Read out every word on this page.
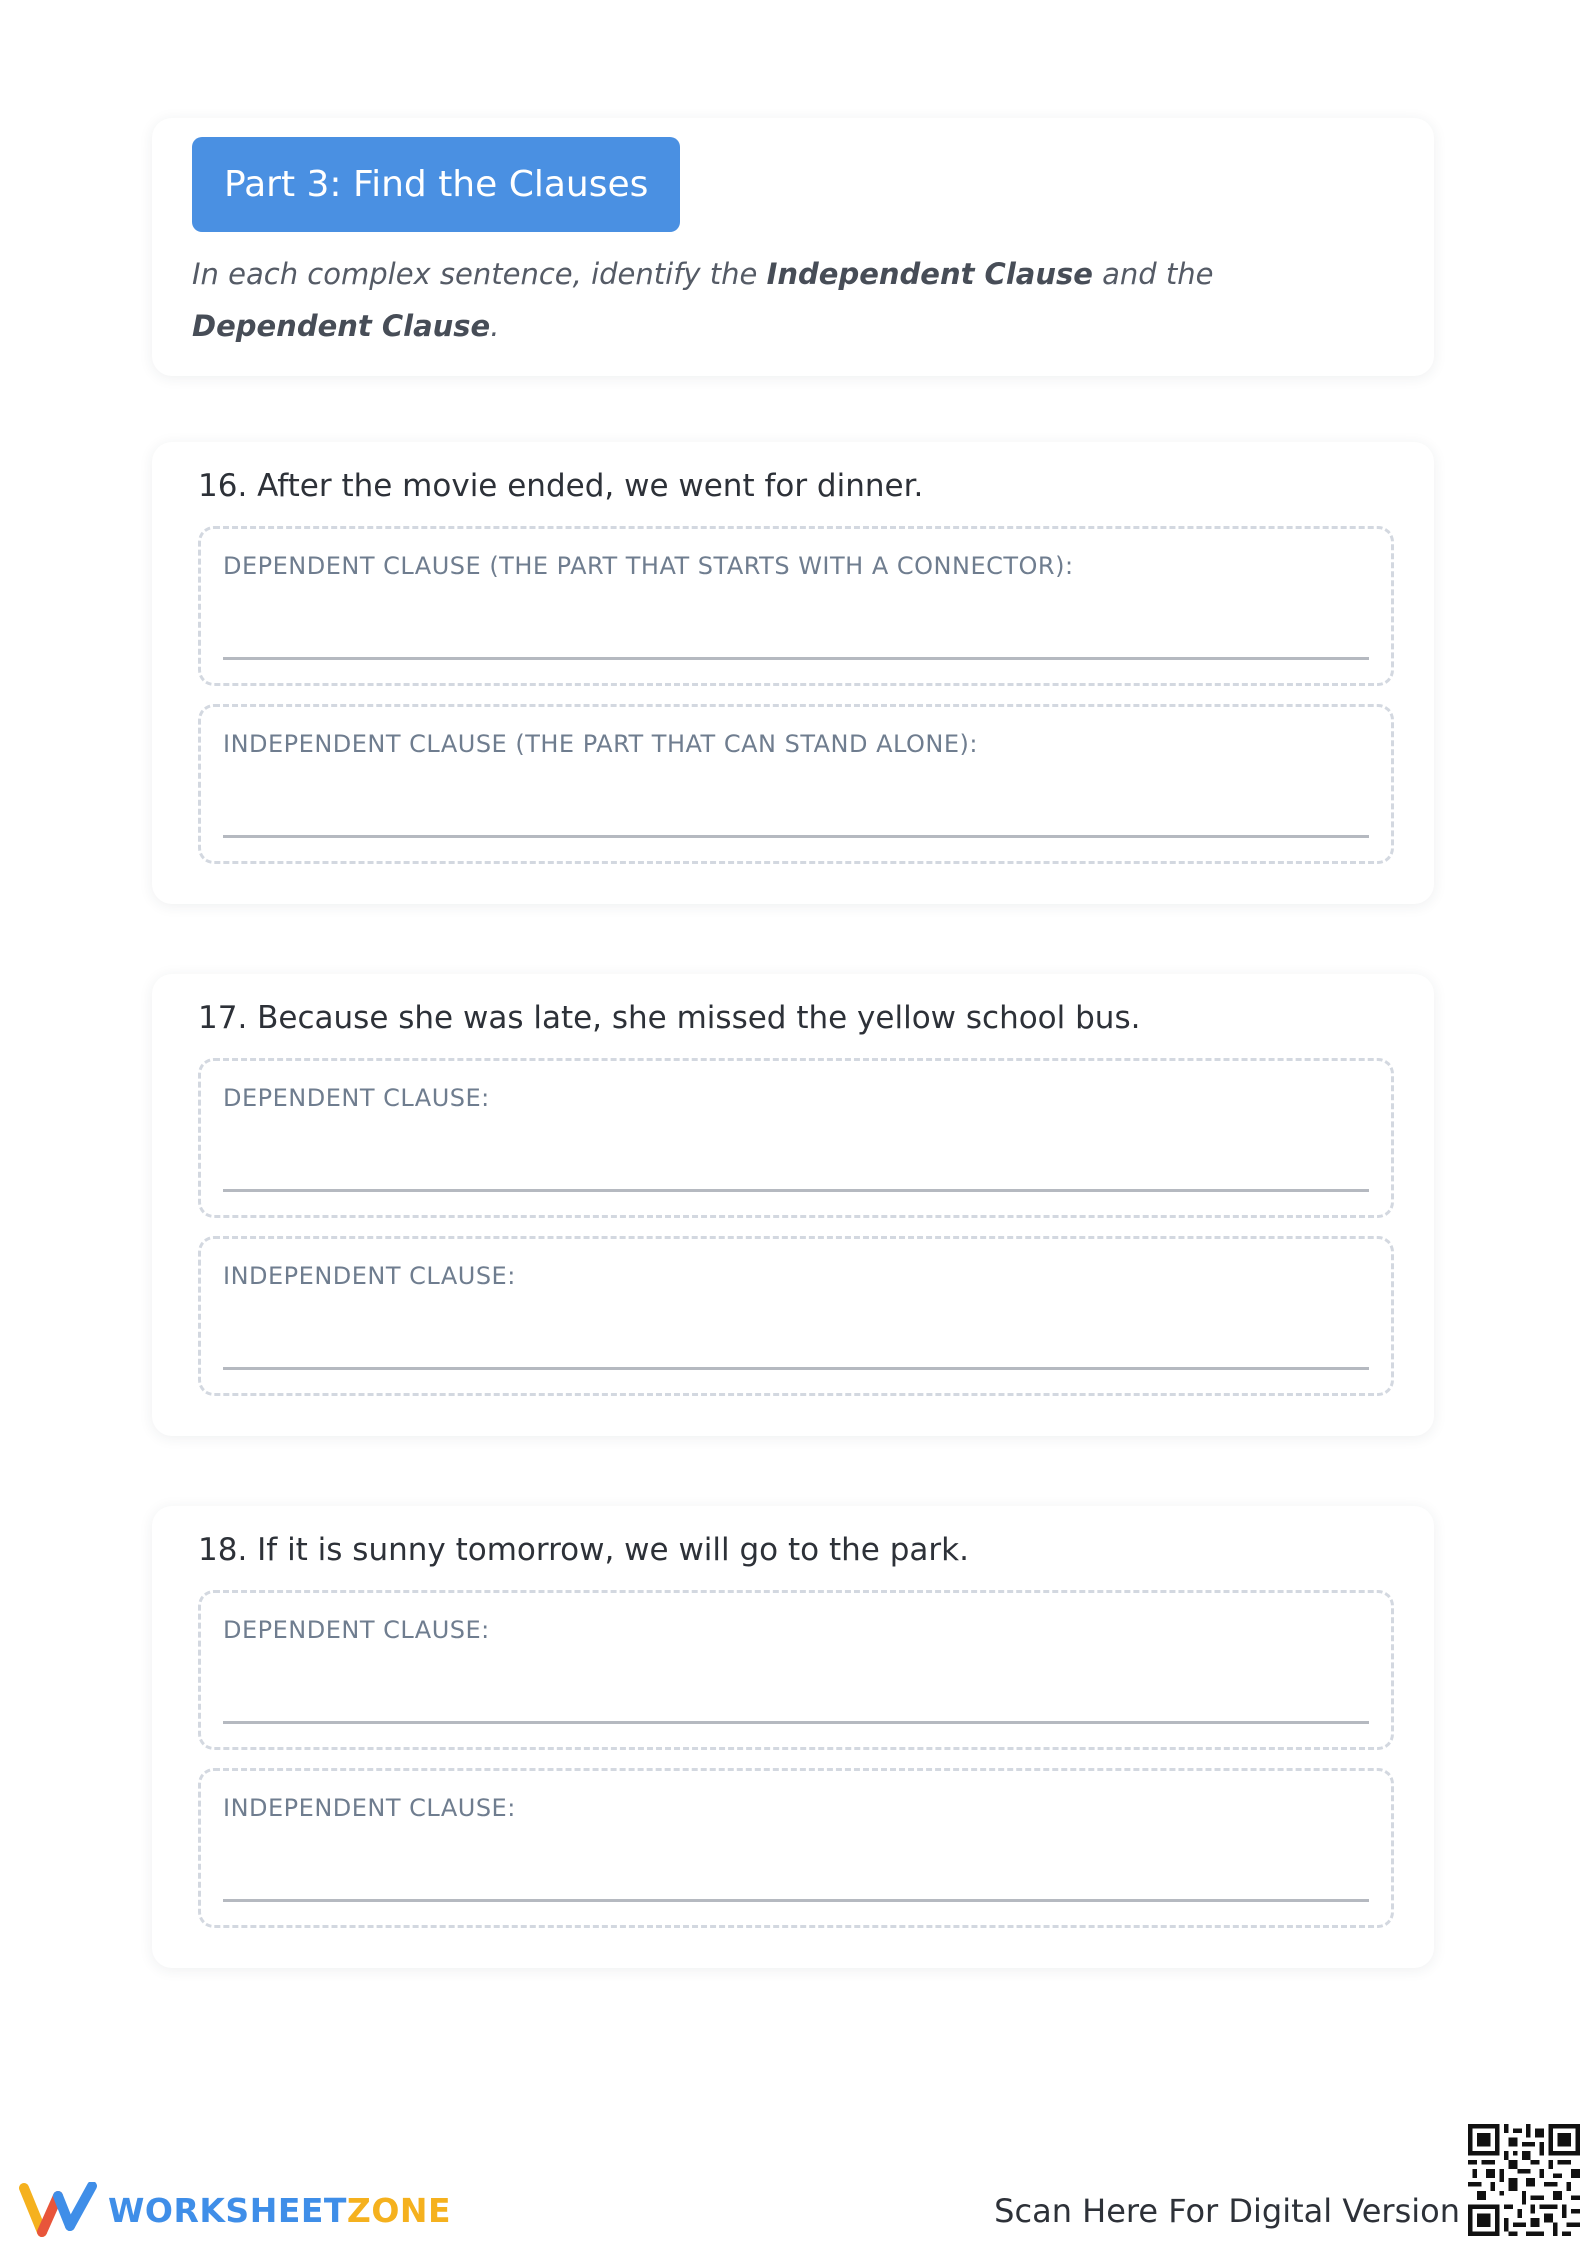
Part 3: Find the Clauses

In each complex sentence, identify the Independent Clause and the Dependent Clause.

16. After the movie ended, we went for dinner.
DEPENDENT CLAUSE (THE PART THAT STARTS WITH A CONNECTOR):
INDEPENDENT CLAUSE (THE PART THAT CAN STAND ALONE):
17. Because she was late, she missed the yellow school bus.
DEPENDENT CLAUSE:
INDEPENDENT CLAUSE:
18. If it is sunny tomorrow, we will go to the park.
DEPENDENT CLAUSE:
INDEPENDENT CLAUSE:
WORKSHEETZONE	Scan Here For Digital Version
